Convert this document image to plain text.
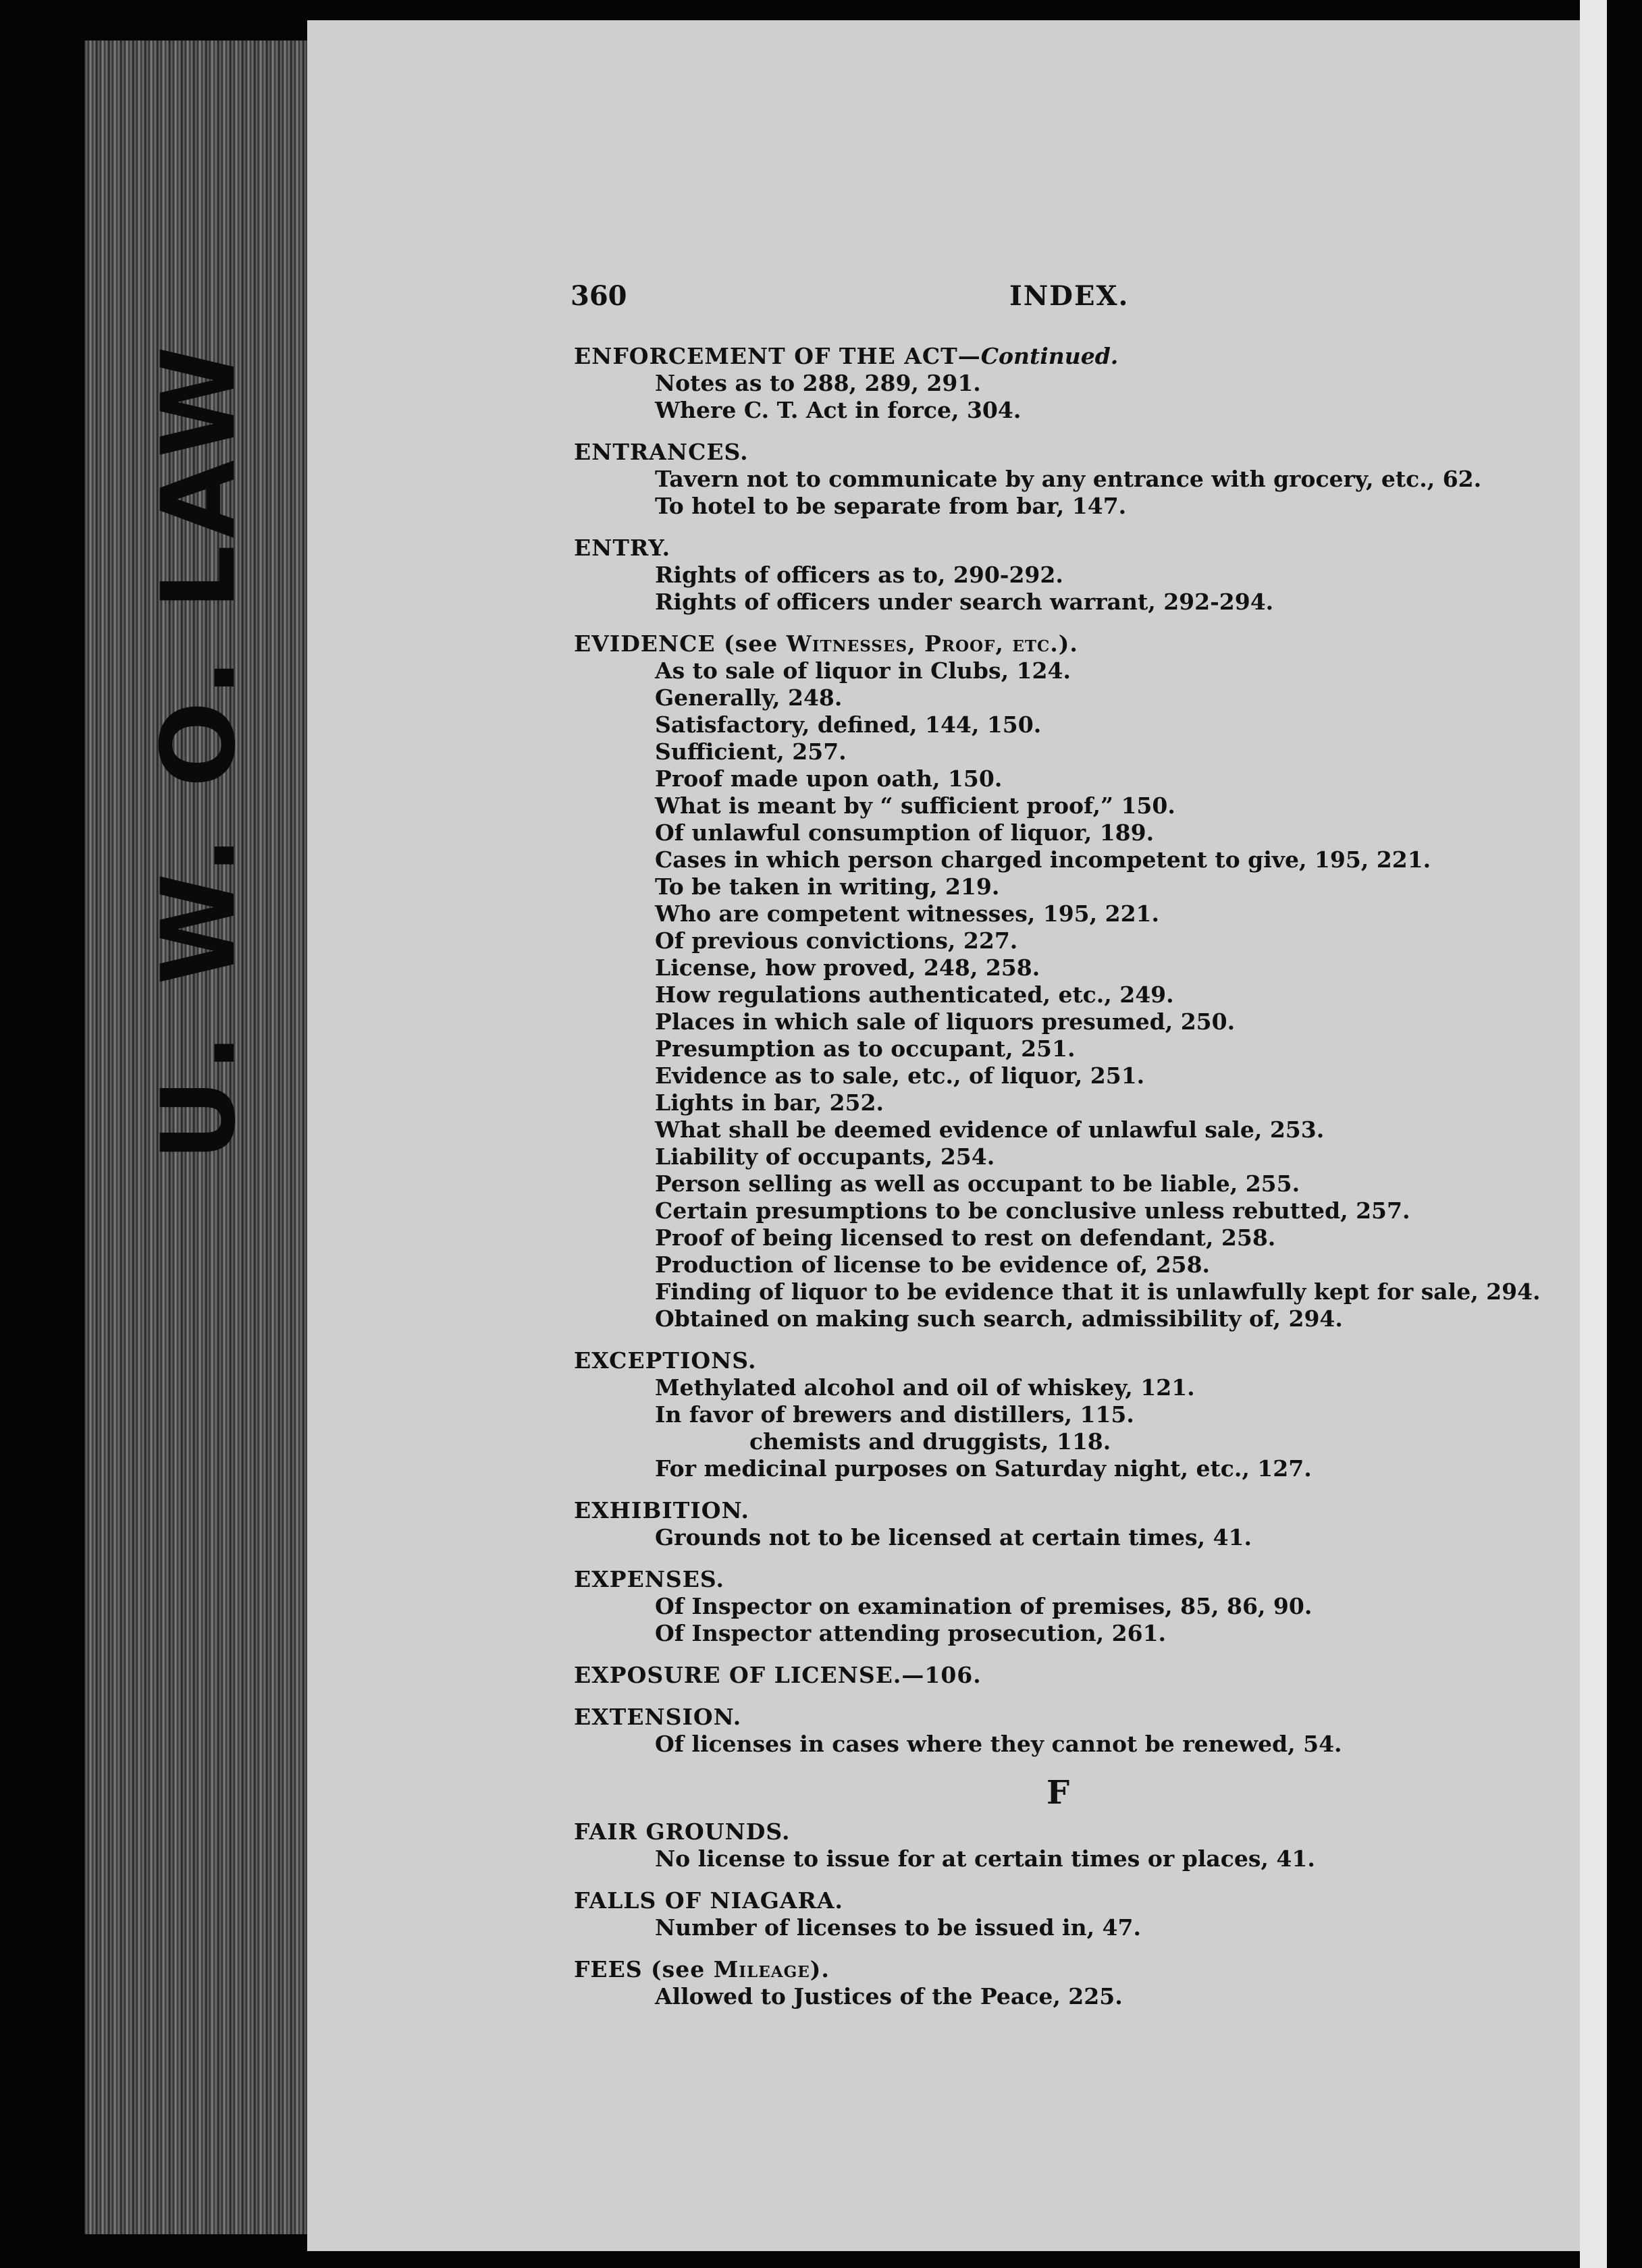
U. W. O. LAW
360	INDEX.
ENFORCEMENT OF THE ACT—Continued.
Notes as to 288, 289, 291.
Where C. T. Act in force, 304.
ENTRANCES.
Tavern not to communicate by any entrance with grocery, etc., 62.
To hotel to be separate from bar, 147.
ENTRY.
Rights of officers as to, 290-292.
Rights of officers under search warrant, 292-294.
EVIDENCE (see Witnesses, Proof, etc.).
As to sale of liquor in Clubs, 124.
Generally, 248.
Satisfactory, defined, 144, 150.
Sufficient, 257.
Proof made upon oath, 150.
What is meant by “ sufficient proof,” 150.
Of unlawful consumption of liquor, 189.
Cases in which person charged incompetent to give, 195, 221.
To be taken in writing, 219.
Who are competent witnesses, 195, 221.
Of previous convictions, 227.
License, how proved, 248, 258.
How regulations authenticated, etc., 249.
Places in which sale of liquors presumed, 250.
Presumption as to occupant, 251.
Evidence as to sale, etc., of liquor, 251.
Lights in bar, 252.
What shall be deemed evidence of unlawful sale, 253.
Liability of occupants, 254.
Person selling as well as occupant to be liable, 255.
Certain presumptions to be conclusive unless rebutted, 257.
Proof of being licensed to rest on defendant, 258.
Production of license to be evidence of, 258.
Finding of liquor to be evidence that it is unlawfully kept for sale, 294.
Obtained on making such search, admissibility of, 294.
EXCEPTIONS.
Methylated alcohol and oil of whiskey, 121.
In favor of brewers and distillers, 115.
chemists and druggists, 118.
For medicinal purposes on Saturday night, etc., 127.
EXHIBITION.
Grounds not to be licensed at certain times, 41.
EXPENSES.
Of Inspector on examination of premises, 85, 86, 90.
Of Inspector attending prosecution, 261.
EXPOSURE OF LICENSE.—106.
EXTENSION.
Of licenses in cases where they cannot be renewed, 54.
F
FAIR GROUNDS.
No license to issue for at certain times or places, 41.
FALLS OF NIAGARA.
Number of licenses to be issued in, 47.
FEES (see Mileage).
Allowed to Justices of the Peace, 225.
